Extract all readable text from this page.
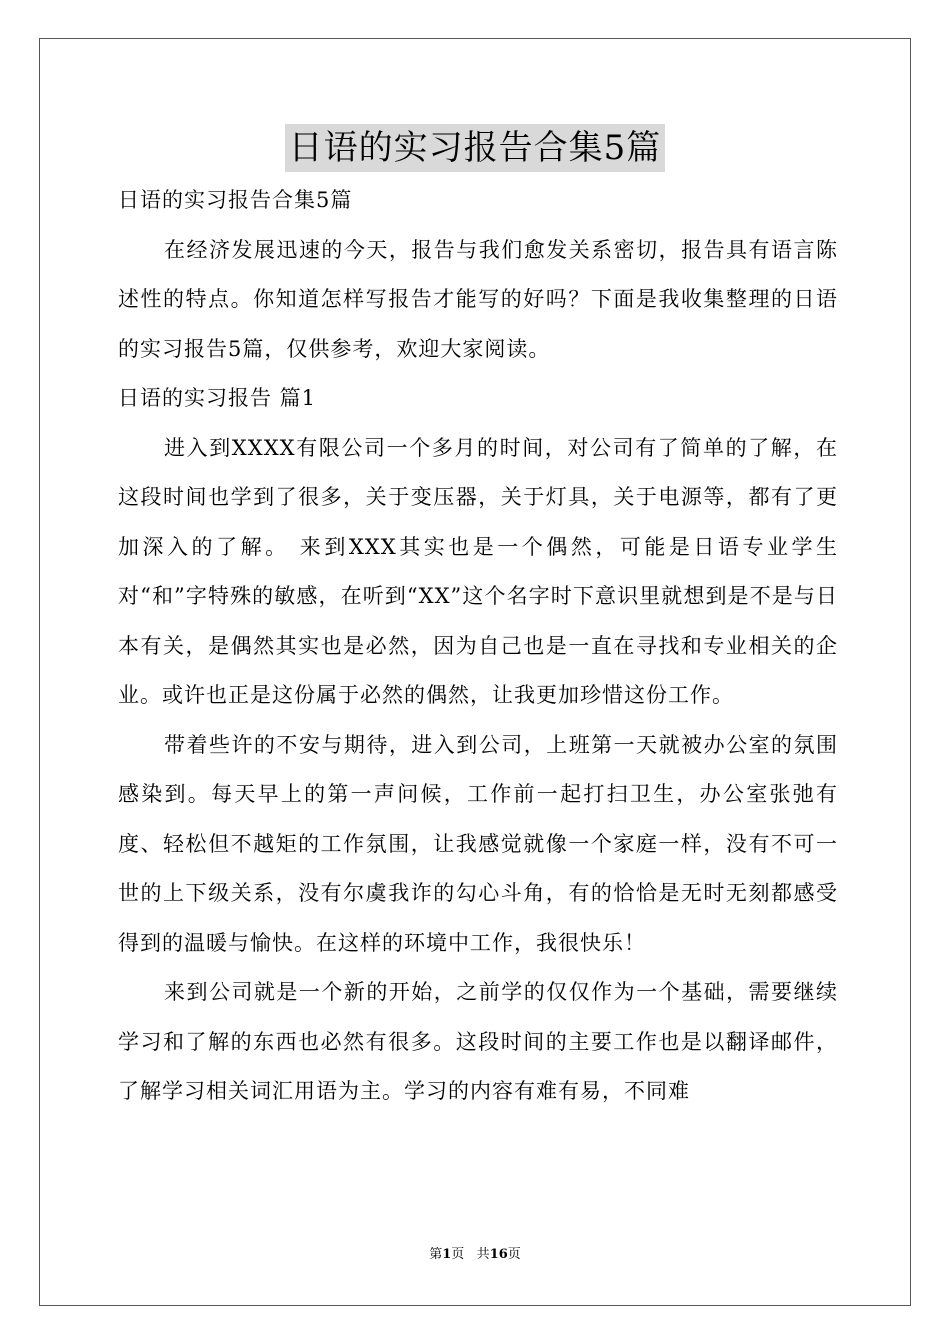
日语的实习报告合集5篇

日语的实习报告合集5篇

在经济发展迅速的今天，报告与我们愈发关系密切，报告具有语言陈述性的特点。你知道怎样写报告才能写的好吗？下面是我收集整理的日语的实习报告5篇，仅供参考，欢迎大家阅读。

日语的实习报告 篇1

进入到XXXX有限公司一个多月的时间，对公司有了简单的了解，在这段时间也学到了很多，关于变压器，关于灯具，关于电源等，都有了更加深入的了解。 来到XXX其实也是一个偶然，可能是日语专业学生对“和”字特殊的敏感，在听到“XX”这个名字时下意识里就想到是不是与日本有关，是偶然其实也是必然，因为自己也是一直在寻找和专业相关的企业。或许也正是这份属于必然的偶然，让我更加珍惜这份工作。

带着些许的不安与期待，进入到公司，上班第一天就被办公室的氛围感染到。每天早上的第一声问候，工作前一起打扫卫生，办公室张弛有度、轻松但不越矩的工作氛围，让我感觉就像一个家庭一样，没有不可一世的上下级关系，没有尔虞我诈的勾心斗角，有的恰恰是无时无刻都感受得到的温暖与愉快。在这样的环境中工作，我很快乐！

来到公司就是一个新的开始，之前学的仅仅作为一个基础，需要继续学习和了解的东西也必然有很多。这段时间的主要工作也是以翻译邮件，了解学习相关词汇用语为主。学习的内容有难有易，不同难

第1页 共16页
